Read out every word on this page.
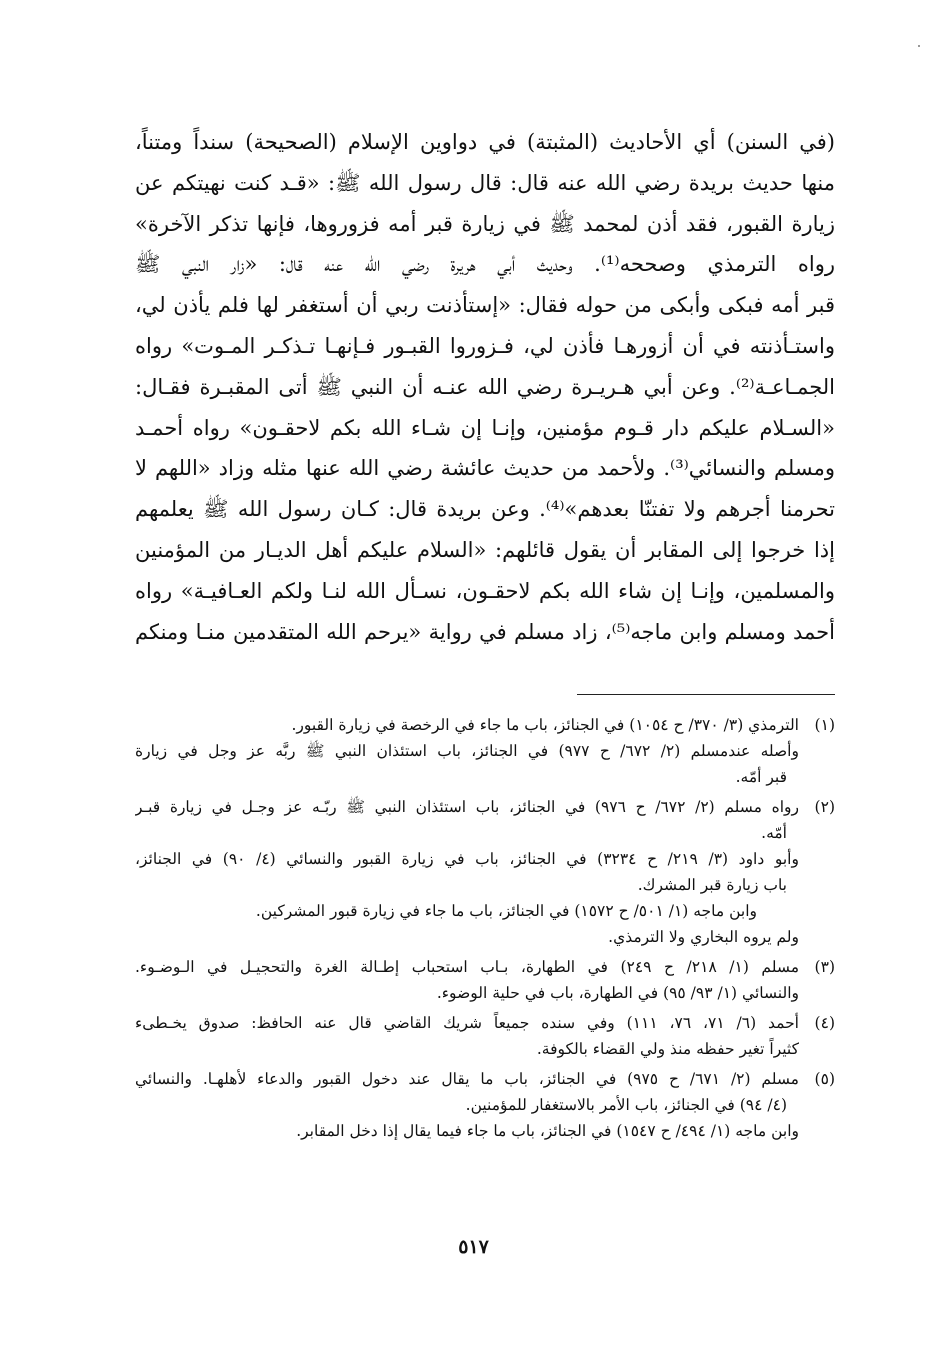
(في السنن) أي الأحاديث (المثبتة) في دواوين الإسلام (الصحيحة) سنداً ومتناً،
منها حديث بريدة رضي الله عنه قال: قال رسول الله ﷺ: «قـد كنت نهيتكم عن
زيارة القبور، فقد أذن لمحمد ﷺ في زيارة قبر أمه فزوروها، فإنها تذكر الآخرة»
رواه الترمذي وصححه⁽¹⁾. وحديث أبي هريرة رضي الله عنه قال: «زار النبي ﷺ
قبر أمه فبكى وأبكى من حوله فقال: «إستأذنت ربي أن أستغفر لها فلم يأذن لي،
واستـأذنته في أن أزورهـا فأذن لي، فـزوروا القبـور فـإنهـا تـذكـر المـوت» رواه
الجمـاعـة⁽²⁾. وعن أبي هـريـرة رضي الله عنـه أن النبي ﷺ أتى المقبـرة فقـال:
«السـلام عليكم دار قـوم مؤمنين، وإنـا إن شـاء الله بكم لاحقـون» رواه أحمـد
ومسلم والنسائي⁽³⁾. ولأحمد من حديث عائشة رضي الله عنها مثله وزاد «اللهم لا
تحرمنا أجرهم ولا تفتنّا بعدهم»⁽⁴⁾. وعن بريدة قال: كـان رسول الله ﷺ يعلمهم
إذا خرجوا إلى المقابر أن يقول قائلهم: «السلام عليكم أهل الديـار من المؤمنين
والمسلمين، وإنـا إن شاء الله بكم لاحقـون، نسـأل الله لنـا ولكم العـافيـة» رواه
أحمد ومسلم وابن ماجه⁽⁵⁾، زاد مسلم في رواية «يرحم الله المتقدمين منـا ومنكم
(١)
الترمذي (٣/ ٣٧٠/ ح ١٠٥٤) في الجنائز، باب ما جاء في الرخصة في زيارة القبور.
وأصله عندمسلم (٢/ ٦٧٢/ ح ٩٧٧) في الجنائز، باب استئذان النبي ﷺ ربَّه عز وجل في زيارة
قبر أمّه.
(٢)
رواه مسلم (٢/ ٦٧٢/ ح ٩٧٦) في الجنائز، باب استئذان النبي ﷺ ربّـه عز وجـل في زيارة قبـر
أمّه.
وأبو داود (٣/ ٢١٩/ ح ٣٢٣٤) في الجنائز، باب في زيارة القبور والنسائي (٤/ ٩٠) في الجنائز،
باب زيارة قبر المشرك.
وابن ماجه (١/ ٥٠١/ ح ١٥٧٢) في الجنائز، باب ما جاء في زيارة قبور المشركين.
ولم يروه البخاري ولا الترمذي.
(٣)
مسلم (١/ ٢١٨/ ح ٢٤٩) في الطهارة، بـاب استحباب إطـالة الغرة والتحجيـل في الـوضـوء.
والنسائي (١/ ٩٣/ ٩٥) في الطهارة، باب في حلية الوضوء.
(٤)
أحمد (٦/ ٧١، ٧٦، ١١١) وفي سنده جميعاً شريك القاضي قال عنه الحافظ: صدوق يخـطىء
كثيراً تغير حفظه منذ ولي القضاء بالكوفة.
(٥)
مسلم (٢/ ٦٧١/ ح ٩٧٥) في الجنائز، باب ما يقال عند دخول القبور والدعاء لأهلهـا. والنسائي
(٤/ ٩٤) في الجنائز، باب الأمر بالاستغفار للمؤمنين.
وابن ماجه (١/ ٤٩٤/ ح ١٥٤٧) في الجنائز، باب ما جاء فيما يقال إذا دخل المقابر.
٥١٧
